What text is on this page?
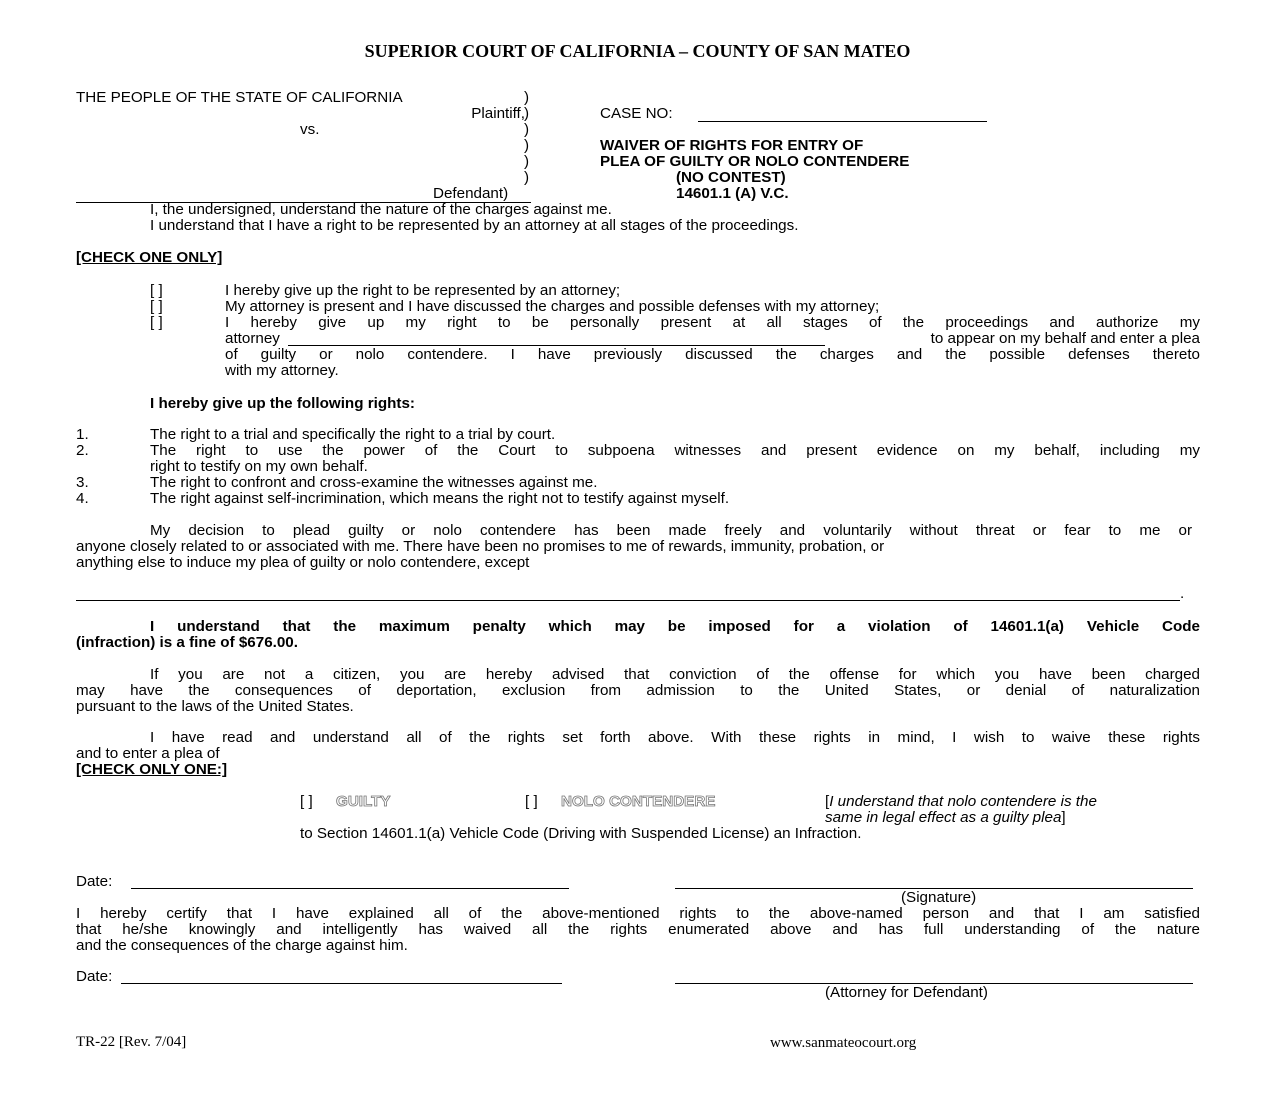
SUPERIOR COURT OF CALIFORNIA – COUNTY OF SAN MATEO
THE PEOPLE OF THE STATE OF CALIFORNIA	)
Plaintiff, )
vs.	)
)
)
)
Defendant)
CASE NO:
WAIVER OF RIGHTS FOR ENTRY OF
PLEA OF GUILTY OR NOLO CONTENDERE
(NO CONTEST)
14601.1 (A) V.C.
I, the undersigned, understand the nature of the charges against me.
I understand that I have a right to be represented by an attorney at all stages of the proceedings.
[CHECK ONE ONLY]
[ ]	I hereby give up the right to be represented by an attorney;
[ ]	My attorney is present and I have discussed the charges and possible defenses with my attorney;
[ ]	I hereby give up my right to be personally present at all stages of the proceedings and authorize my
attorney	to appear on my behalf and enter a plea
of guilty or nolo contendere. I have previously discussed the charges and the possible defenses thereto
with my attorney.
I hereby give up the following rights:
1.	The right to a trial and specifically the right to a trial by court.
2.	The right to use the power of the Court to subpoena witnesses and present evidence on my behalf, including my
right to testify on my own behalf.
3.	The right to confront and cross-examine the witnesses against me.
4.	The right against self-incrimination, which means the right not to testify against myself.
My decision to plead guilty or nolo contendere has been made freely and voluntarily without threat or fear to me or
anyone closely related to or associated with me. There have been no promises to me of rewards, immunity, probation, or
anything else to induce my plea of guilty or nolo contendere, except
.
I understand that the maximum penalty which may be imposed for a violation of 14601.1(a) Vehicle Code
(infraction) is a fine of $676.00.
If you are not a citizen, you are hereby advised that conviction of the offense for which you have been charged
may have the consequences of deportation, exclusion from admission to the United States, or denial of naturalization
pursuant to the laws of the United States.
I have read and understand all of the rights set forth above. With these rights in mind, I wish to waive these rights
and to enter a plea of
[CHECK ONLY ONE:]
[ ] GUILTY	[ ] NOLO CONTENDERE	[I understand that nolo contendere is the
same in legal effect as a guilty plea]
to Section 14601.1(a) Vehicle Code (Driving with Suspended License) an Infraction.
Date:
(Signature)
I hereby certify that I have explained all of the above-mentioned rights to the above-named person and that I am satisfied
that he/she knowingly and intelligently has waived all the rights enumerated above and has full understanding of the nature
and the consequences of the charge against him.
Date:
(Attorney for Defendant)
TR-22 [Rev. 7/04]	www.sanmateocourt.org
